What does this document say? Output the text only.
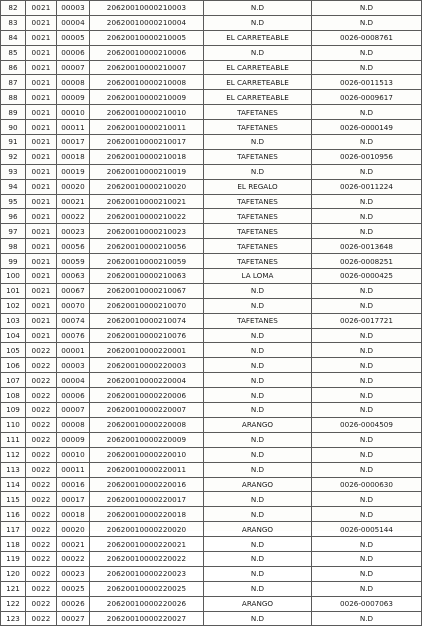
82	0021	00003	20620010000210003	N.D	N.D
83	0021	00004	20620010000210004	N.D	N.D
84	0021	00005	20620010000210005	EL CARRETEABLE	0026-0008761
85	0021	00006	20620010000210006	N.D	N.D
86	0021	00007	20620010000210007	EL CARRETEABLE	N.D
87	0021	00008	20620010000210008	EL CARRETEABLE	0026-0011513
88	0021	00009	20620010000210009	EL CARRETEABLE	0026-0009617
89	0021	00010	20620010000210010	TAFETANES	N.D
90	0021	00011	20620010000210011	TAFETANES	0026-0000149
91	0021	00017	20620010000210017	N.D	N.D
92	0021	00018	20620010000210018	TAFETANES	0026-0010956
93	0021	00019	20620010000210019	N.D	N.D
94	0021	00020	20620010000210020	EL REGALO	0026-0011224
95	0021	00021	20620010000210021	TAFETANES	N.D
96	0021	00022	20620010000210022	TAFETANES	N.D
97	0021	00023	20620010000210023	TAFETANES	N.D
98	0021	00056	20620010000210056	TAFETANES	0026-0013648
99	0021	00059	20620010000210059	TAFETANES	0026-0008251
100	0021	00063	20620010000210063	LA LOMA	0026-0000425
101	0021	00067	20620010000210067	N.D	N.D
102	0021	00070	20620010000210070	N.D	N.D
103	0021	00074	20620010000210074	TAFETANES	0026-0017721
104	0021	00076	20620010000210076	N.D	N.D
105	0022	00001	20620010000220001	N.D	N.D
106	0022	00003	20620010000220003	N.D	N.D
107	0022	00004	20620010000220004	N.D	N.D
108	0022	00006	20620010000220006	N.D	N.D
109	0022	00007	20620010000220007	N.D	N.D
110	0022	00008	20620010000220008	ARANGO	0026-0004509
111	0022	00009	20620010000220009	N.D	N.D
112	0022	00010	20620010000220010	N.D	N.D
113	0022	00011	20620010000220011	N.D	N.D
114	0022	00016	20620010000220016	ARANGO	0026-0000630
115	0022	00017	20620010000220017	N.D	N.D
116	0022	00018	20620010000220018	N.D	N.D
117	0022	00020	20620010000220020	ARANGO	0026-0005144
118	0022	00021	20620010000220021	N.D	N.D
119	0022	00022	20620010000220022	N.D	N.D
120	0022	00023	20620010000220023	N.D	N.D
121	0022	00025	20620010000220025	N.D	N.D
122	0022	00026	20620010000220026	ARANGO	0026-0007063
123	0022	00027	20620010000220027	N.D	N.D
